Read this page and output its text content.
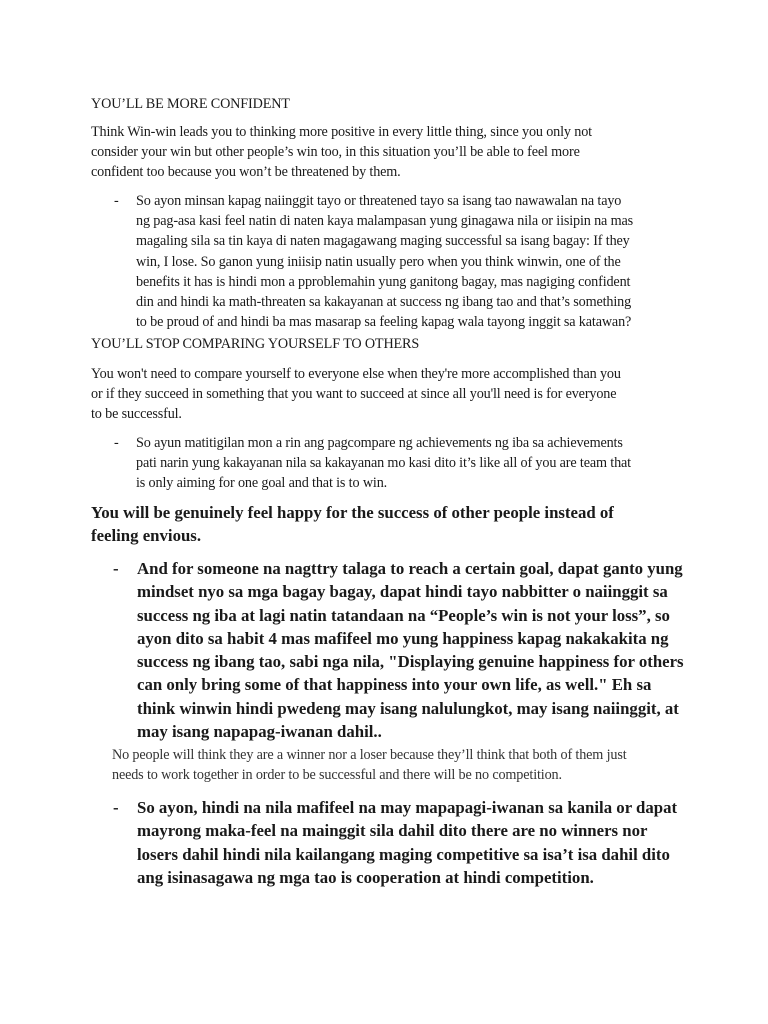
YOU’LL BE MORE CONFIDENT
Think Win-win leads you to thinking more positive in every little thing, since you only not
consider your win but other people’s win too, in this situation you’ll be able to feel more
confident too because you won’t be threatened by them.
- So ayon minsan kapag naiinggit tayo or threatened tayo sa isang tao nawawalan na tayo
ng pag-asa kasi feel natin di naten kaya malampasan yung ginagawa nila or iisipin na mas
magaling sila sa tin kaya di naten magagawang maging successful sa isang bagay: If they
win, I lose. So ganon yung iniisip natin usually pero when you think winwin, one of the
benefits it has is hindi mon a pproblemahin yung ganitong bagay, mas nagiging confident
din and hindi ka math-threaten sa kakayanan at success ng ibang tao and that’s something
to be proud of and hindi ba mas masarap sa feeling kapag wala tayong inggit sa katawan?
YOU’LL STOP COMPARING YOURSELF TO OTHERS
You won't need to compare yourself to everyone else when they're more accomplished than you
or if they succeed in something that you want to succeed at since all you'll need is for everyone
to be successful.
- So ayun matitigilan mon a rin ang pagcompare ng achievements ng iba sa achievements
pati narin yung kakayanan nila sa kakayanan mo kasi dito it’s like all of you are team that
is only aiming for one goal and that is to win.
You will be genuinely feel happy for the success of other people instead of
feeling envious.
- And for someone na nagttry talaga to reach a certain goal, dapat ganto yung
mindset nyo sa mga bagay bagay, dapat hindi tayo nabbitter o naiinggit sa
success ng iba at lagi natin tatandaan na “People’s win is not your loss”, so
ayon dito sa habit 4 mas mafifeel mo yung happiness kapag nakakakita ng
success ng ibang tao, sabi nga nila, "Displaying genuine happiness for others
can only bring some of that happiness into your own life, as well." Eh sa
think winwin hindi pwedeng may isang nalulungkot, may isang naiinggit, at
may isang napapag-iwanan dahil..
No people will think they are a winner nor a loser because they’ll think that both of them just
needs to work together in order to be successful and there will be no competition.
- So ayon, hindi na nila mafifeel na may mapapagi-iwanan sa kanila or dapat
mayrong maka-feel na mainggit sila dahil dito there are no winners nor
losers dahil hindi nila kailangang maging competitive sa isa’t isa dahil dito
ang isinasagawa ng mga tao is cooperation at hindi competition.
